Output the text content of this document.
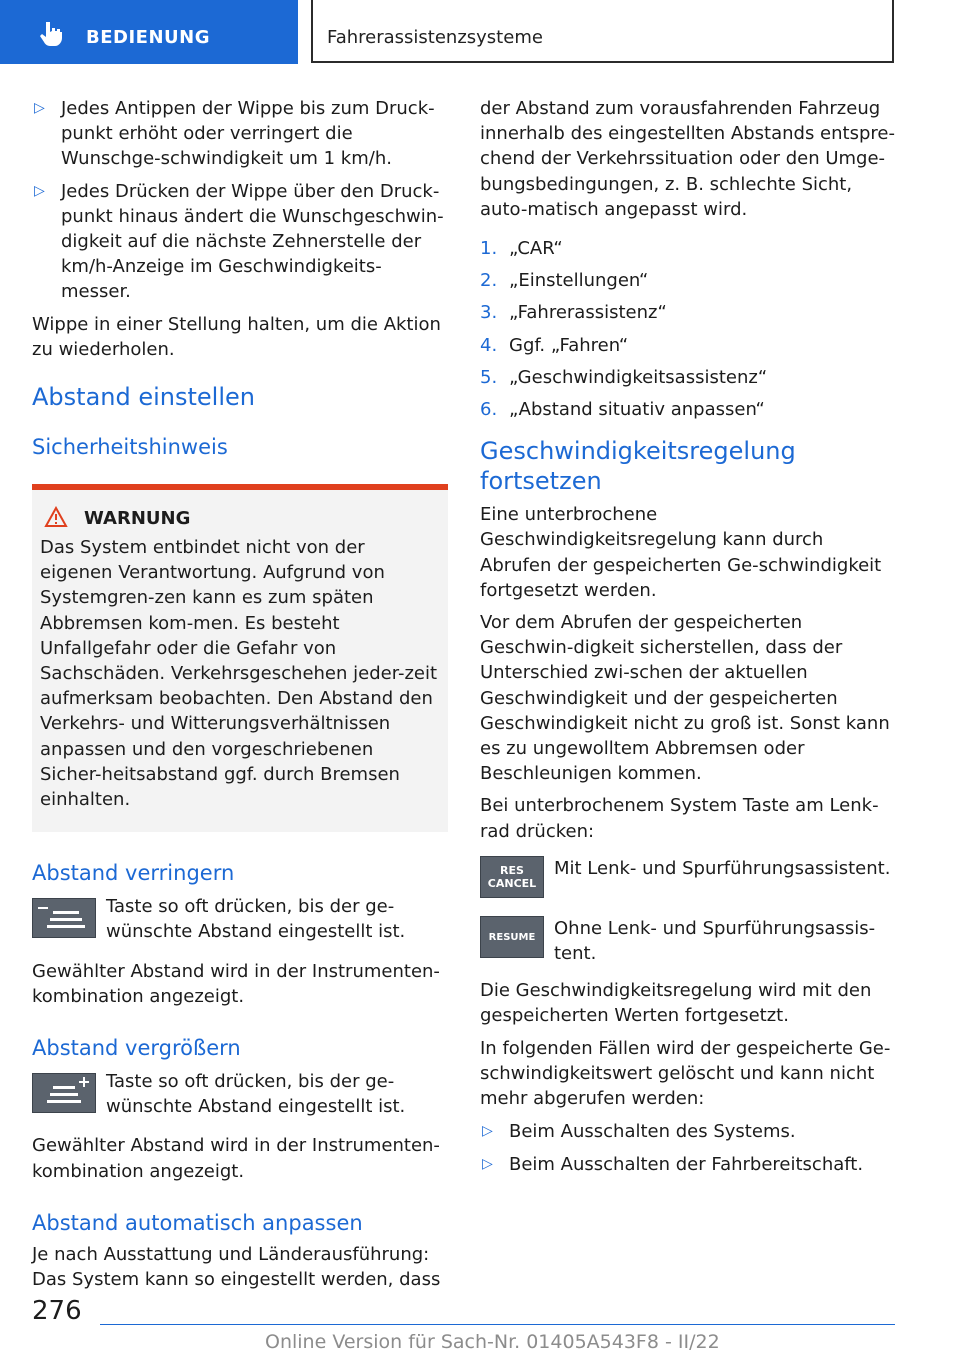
BEDIENUNG	Fahrerassistenzsysteme
▷ Jedes Antippen der Wippe bis zum Druck-punkt erhöht oder verringert die Wunschge-schwindigkeit um 1 km/h.
▷ Jedes Drücken der Wippe über den Druck-punkt hinaus ändert die Wunschgeschwin-digkeit auf die nächste Zehnerstelle der km/h-Anzeige im Geschwindigkeits-messer.

Wippe in einer Stellung halten, um die Aktion zu wiederholen.

Abstand einstellen
Sicherheitshinweis
WARNUNG

Das System entbindet nicht von der eigenen Verantwortung. Aufgrund von Systemgren-zen kann es zum späten Abbremsen kom-men. Es besteht Unfallgefahr oder die Gefahr von Sachschäden. Verkehrsgeschehen jeder-zeit aufmerksam beobachten. Den Abstand den Verkehrs- und Witterungsverhältnissen anpassen und den vorgeschriebenen Sicher-heitsabstand ggf. durch Bremsen einhalten.

Abstand verringern

Taste so oft drücken, bis der ge-wünschte Abstand eingestellt ist.

Gewählter Abstand wird in der Instrumenten-kombination angezeigt.

Abstand vergrößern

Taste so oft drücken, bis der ge-wünschte Abstand eingestellt ist.

Gewählter Abstand wird in der Instrumenten-kombination angezeigt.

Abstand automatisch anpassen

Je nach Ausstattung und Länderausführung: Das System kann so eingestellt werden, dass

der Abstand zum vorausfahrenden Fahrzeug innerhalb des eingestellten Abstands entspre-chend der Verkehrssituation oder den Umge-bungsbedingungen, z. B. schlechte Sicht, auto-matisch angepasst wird.

1. „CAR“
2. „Einstellungen“
3. „Fahrerassistenz“
4. Ggf. „Fahren“
5. „Geschwindigkeitsassistenz“
6. „Abstand situativ anpassen“
Geschwindigkeitsregelung
fortsetzen

Eine unterbrochene Geschwindigkeitsregelung kann durch Abrufen der gespeicherten Ge-schwindigkeit fortgesetzt werden.

Vor dem Abrufen der gespeicherten Geschwin-digkeit sicherstellen, dass der Unterschied zwi-schen der aktuellen Geschwindigkeit und der gespeicherten Geschwindigkeit nicht zu groß ist. Sonst kann es zu ungewolltem Abbremsen oder Beschleunigen kommen.

Bei unterbrochenem System Taste am Lenk-rad drücken:

RES
CANCEL

Mit Lenk- und Spurführungsassistent.

RESUME	Ohne Lenk- und Spurführungsassis-tent.

Die Geschwindigkeitsregelung wird mit den gespeicherten Werten fortgesetzt.

In folgenden Fällen wird der gespeicherte Ge-schwindigkeitswert gelöscht und kann nicht mehr abgerufen werden:

▷ Beim Ausschalten des Systems.
▷ Beim Ausschalten der Fahrbereitschaft.
276
Online Version für Sach-Nr. 01405A543F8 - II/22
